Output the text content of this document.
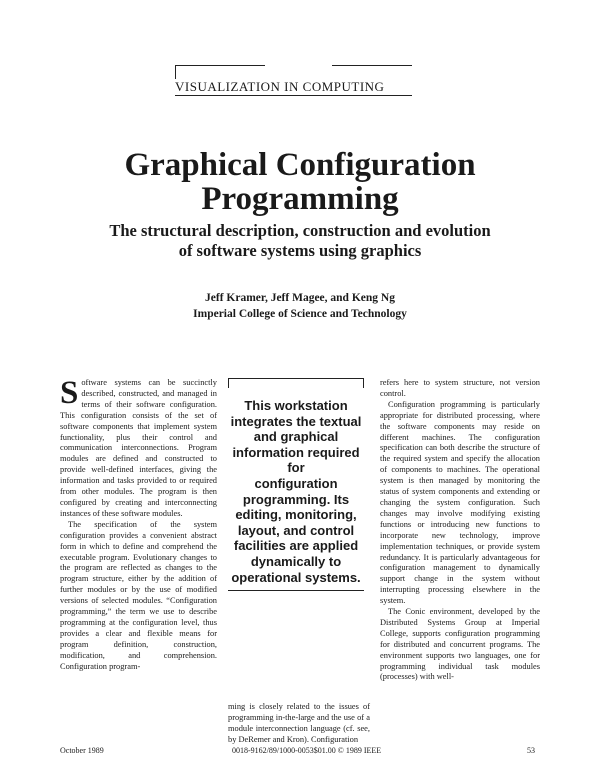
VISUALIZATION IN COMPUTING
Graphical Configuration
Programming
The structural description, construction and evolution
of software systems using graphics
Jeff Kramer, Jeff Magee, and Keng Ng
Imperial College of Science and Technology

Software systems can be succinctly described, constructed, and managed in terms of their software configuration. This configuration consists of the set of software components that implement system functionality, plus their control and communication interconnections. Program modules are defined and constructed to provide well-defined interfaces, giving the information and tasks provided to or required from other modules. The program is then configured by creating and interconnecting instances of these software modules.

The specification of the system configuration provides a convenient abstract form in which to define and comprehend the executable program. Evolutionary changes to the program are reflected as changes to the program structure, either by the addition of further modules or by the use of modified versions of selected modules. “Configuration programming,” the term we use to describe programming at the configuration level, thus provides a clear and flexible means for program definition, construction, modification, and comprehension. Configuration program-

This workstation
integrates the textual
and graphical
information required for
configuration
programming. Its
editing, monitoring,
layout, and control
facilities are applied
dynamically to
operational systems.

ming is closely related to the issues of programming in-the-large and the use of a module interconnection language (cf. see, by DeRemer and Kron). Configuration

refers here to system structure, not version control.

Configuration programming is particularly appropriate for distributed processing, where the software components may reside on different machines. The configuration specification can both describe the structure of the required system and specify the allocation of components to machines. The operational system is then managed by monitoring the status of system components and extending or changing the system configuration. Such changes may involve modifying existing functions or introducing new functions to incorporate new technology, improve implementation techniques, or provide system redundancy. It is particularly advantageous for configuration management to dynamically support change in the system without interrupting processing elsewhere in the system.

The Conic environment, developed by the Distributed Systems Group at Imperial College, supports configuration programming for distributed and concurrent programs. The environment supports two languages, one for programming individual task modules (processes) with well-

October 1989	0018-9162/89/1000-0053$01.00 © 1989 IEEE	53
